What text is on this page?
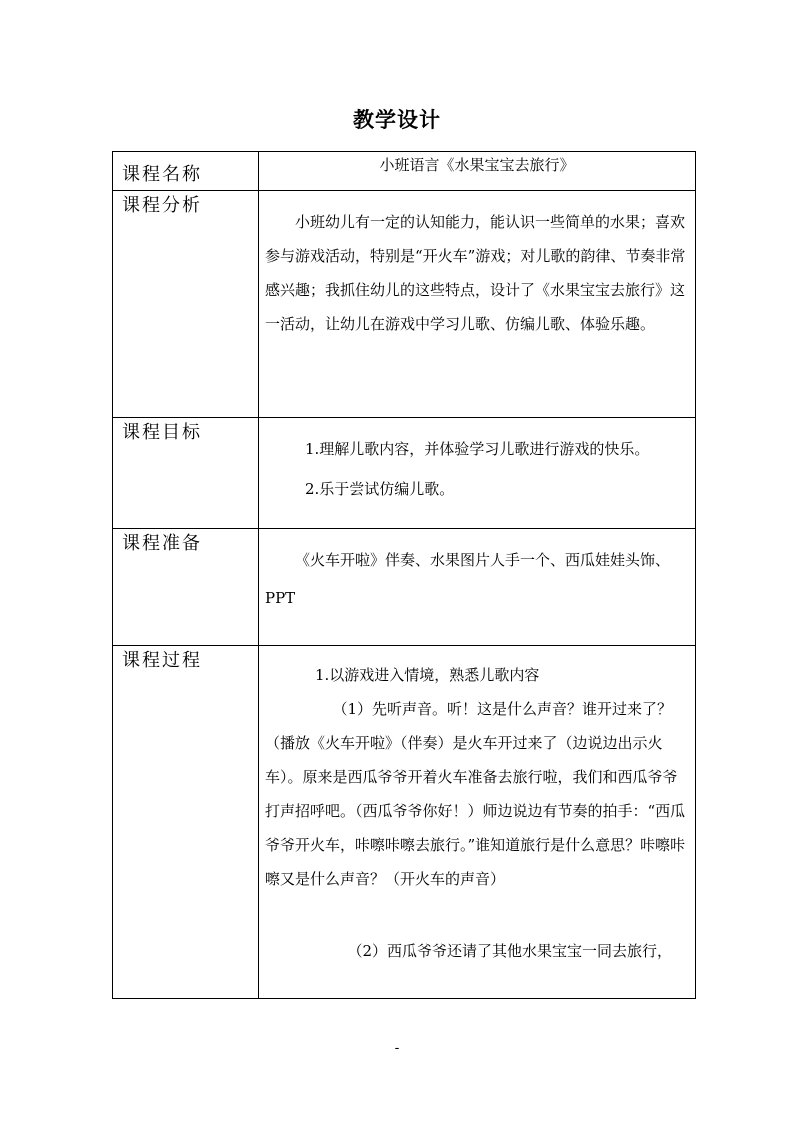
教学设计
课程名称	小班语言《水果宝宝去旅行》

课程分析	小班幼儿有一定的认知能力，能认识一些简单的水果；喜欢参与游戏活动，特别是“开火车”游戏；对儿歌的韵律、节奏非常感兴趣；我抓住幼儿的这些特点，设计了《水果宝宝去旅行》这一活动，让幼儿在游戏中学习儿歌、仿编儿歌、体验乐趣。

课程目标	1.理解儿歌内容，并体验学习儿歌进行游戏的快乐。

2.乐于尝试仿编儿歌。

课程准备	《火车开啦》伴奏、水果图片人手一个、西瓜娃娃头饰、PPT

课程过程	1.以游戏进入情境，熟悉儿歌内容

（1）先听声音。听！这是什么声音？谁开过来了？（播放《火车开啦》（伴奏）是火车开过来了（边说边出示火车）。原来是西瓜爷爷开着火车准备去旅行啦，我们和西瓜爷爷打声招呼吧。（西瓜爷爷你好！）师边说边有节奏的拍手：“西瓜爷爷开火车，咔嚓咔嚓去旅行。”谁知道旅行是什么意思？咔嚓咔嚓又是什么声音？（开火车的声音）

（2）西瓜爷爷还请了其他水果宝宝一同去旅行，

-
